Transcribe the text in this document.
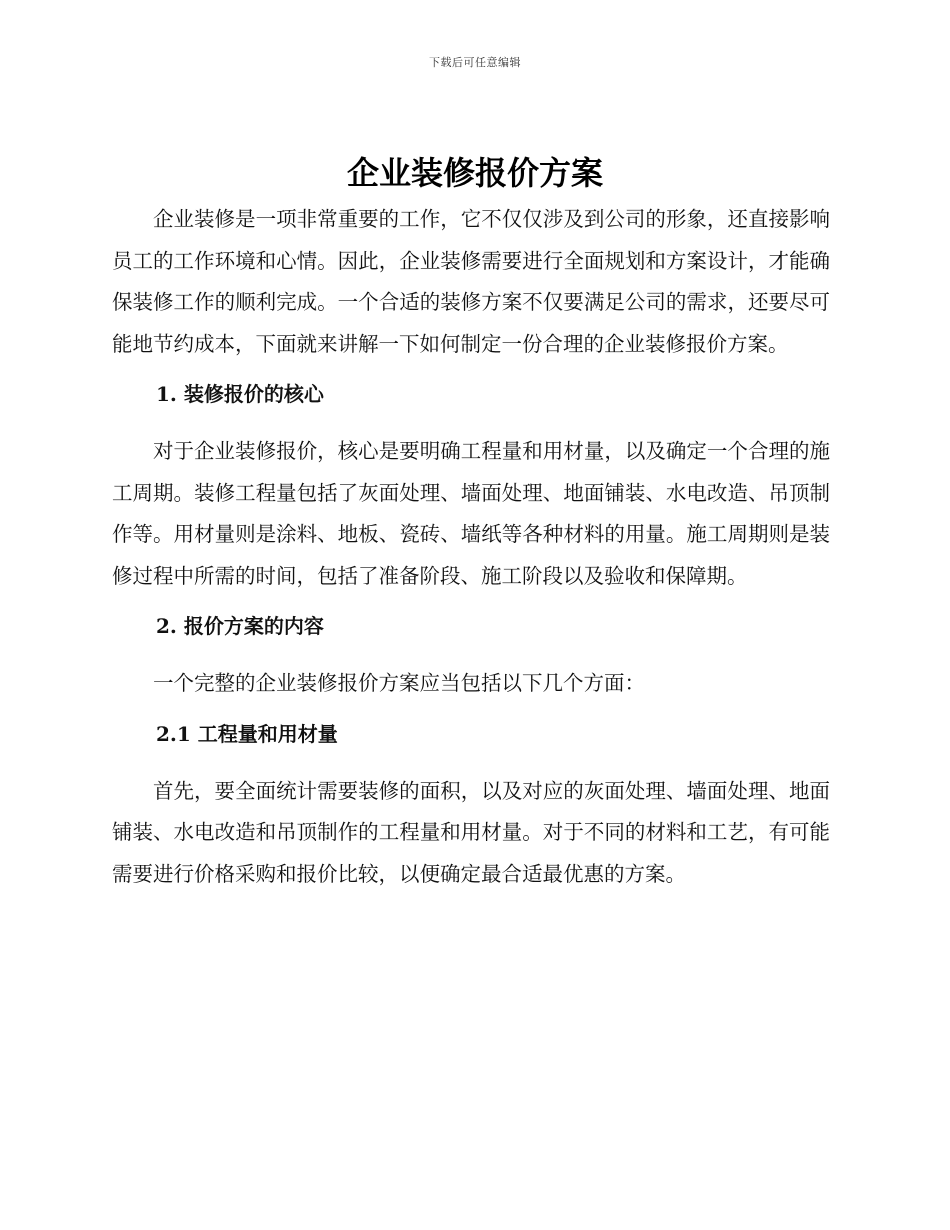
下载后可任意编辑
企业装修报价方案

企业装修是一项非常重要的工作，它不仅仅涉及到公司的形象，还直接影响员工的工作环境和心情。因此，企业装修需要进行全面规划和方案设计，才能确保装修工作的顺利完成。一个合适的装修方案不仅要满足公司的需求，还要尽可能地节约成本，下面就来讲解一下如何制定一份合理的企业装修报价方案。

1. 装修报价的核心

对于企业装修报价，核心是要明确工程量和用材量，以及确定一个合理的施工周期。装修工程量包括了灰面处理、墙面处理、地面铺装、水电改造、吊顶制作等。用材量则是涂料、地板、瓷砖、墙纸等各种材料的用量。施工周期则是装修过程中所需的时间，包括了准备阶段、施工阶段以及验收和保障期。

2. 报价方案的内容

一个完整的企业装修报价方案应当包括以下几个方面：

2.1 工程量和用材量

首先，要全面统计需要装修的面积，以及对应的灰面处理、墙面处理、地面铺装、水电改造和吊顶制作的工程量和用材量。对于不同的材料和工艺，有可能需要进行价格采购和报价比较，以便确定最合适最优惠的方案。
